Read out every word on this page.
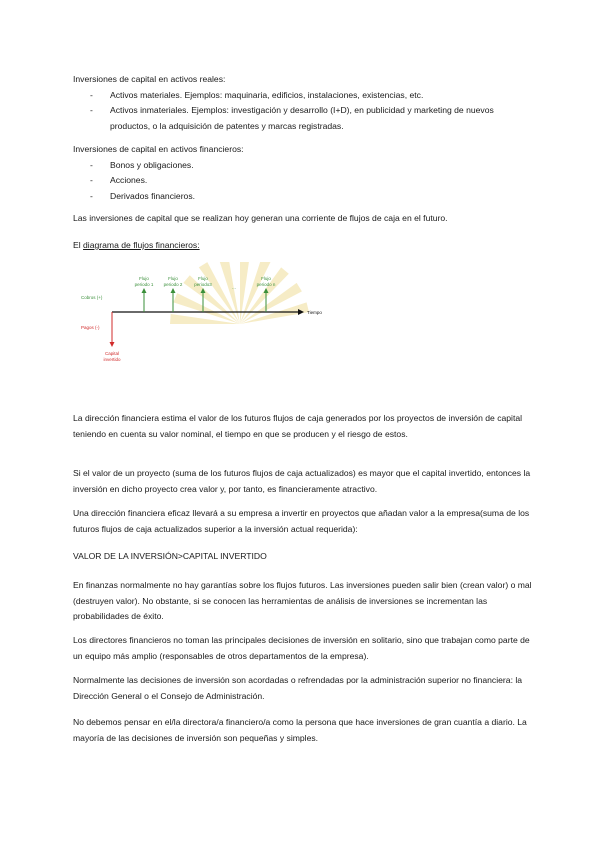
Inversiones de capital en activos reales:
- Activos materiales. Ejemplos: maquinaria, edificios, instalaciones, existencias, etc.
- Activos inmateriales. Ejemplos: investigación y desarrollo (I+D), en publicidad y marketing de nuevos productos, o la adquisición de patentes y marcas registradas.
Inversiones de capital en activos financieros:
- Bonos y obligaciones.
- Acciones.
- Derivados financieros.
Las inversiones de capital que se realizan hoy generan una corriente de flujos de caja en el futuro.
El diagrama de flujos financieros:
Tiempo
Cobros (+)
Pagos (-)
Capital
invertido
Flujo
periodo 1
Flujo
periodo 2
Flujo
periodo3
...
Flujo
periodo n
La dirección financiera estima el valor de los futuros flujos de caja generados por los proyectos de inversión de capital teniendo en cuenta su valor nominal, el tiempo en que se producen y el riesgo de estos.
Si el valor de un proyecto (suma de los futuros flujos de caja actualizados) es mayor que el capital invertido, entonces la inversión en dicho proyecto crea valor y, por tanto, es financieramente atractivo.
Una dirección financiera eficaz llevará a su empresa a invertir en proyectos que añadan valor a la empresa(suma de los futuros flujos de caja actualizados superior a la inversión actual requerida):
VALOR DE LA INVERSIÓN>CAPITAL INVERTIDO
En finanzas normalmente no hay garantías sobre los flujos futuros. Las inversiones pueden salir bien (crean valor) o mal (destruyen valor). No obstante, si se conocen las herramientas de análisis de inversiones se incrementan las probabilidades de éxito.
Los directores financieros no toman las principales decisiones de inversión en solitario, sino que trabajan como parte de un equipo más amplio (responsables de otros departamentos de la empresa).
Normalmente las decisiones de inversión son acordadas o refrendadas por la administración superior no financiera: la Dirección General o el Consejo de Administración.
No debemos pensar en el/la directora/a financiero/a como la persona que hace inversiones de gran cuantía a diario. La mayoría de las decisiones de inversión son pequeñas y simples.
